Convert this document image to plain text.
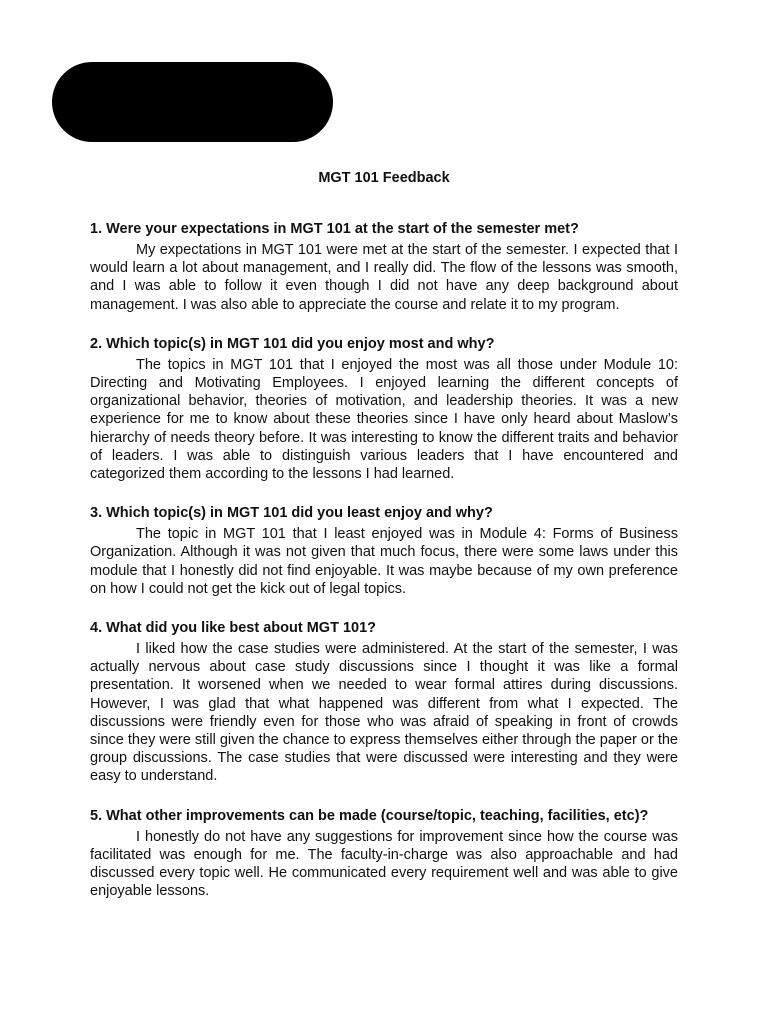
MGT 101 Feedback

1. Were your expectations in MGT 101 at the start of the semester met?

My expectations in MGT 101 were met at the start of the semester. I expected that I would learn a lot about management, and I really did. The flow of the lessons was smooth, and I was able to follow it even though I did not have any deep background about management. I was also able to appreciate the course and relate it to my program.

2. Which topic(s) in MGT 101 did you enjoy most and why?

The topics in MGT 101 that I enjoyed the most was all those under Module 10: Directing and Motivating Employees. I enjoyed learning the different concepts of organizational behavior, theories of motivation, and leadership theories. It was a new experience for me to know about these theories since I have only heard about Maslow’s hierarchy of needs theory before. It was interesting to know the different traits and behavior of leaders. I was able to distinguish various leaders that I have encountered and categorized them according to the lessons I had learned.

3. Which topic(s) in MGT 101 did you least enjoy and why?

The topic in MGT 101 that I least enjoyed was in Module 4: Forms of Business Organization. Although it was not given that much focus, there were some laws under this module that I honestly did not find enjoyable. It was maybe because of my own preference on how I could not get the kick out of legal topics.

4. What did you like best about MGT 101?

I liked how the case studies were administered. At the start of the semester, I was actually nervous about case study discussions since I thought it was like a formal presentation. It worsened when we needed to wear formal attires during discussions. However, I was glad that what happened was different from what I expected. The discussions were friendly even for those who was afraid of speaking in front of crowds since they were still given the chance to express themselves either through the paper or the group discussions. The case studies that were discussed were interesting and they were easy to understand.

5. What other improvements can be made (course/topic, teaching, facilities, etc)?

I honestly do not have any suggestions for improvement since how the course was facilitated was enough for me. The faculty-in-charge was also approachable and had discussed every topic well. He communicated every requirement well and was able to give enjoyable lessons.
